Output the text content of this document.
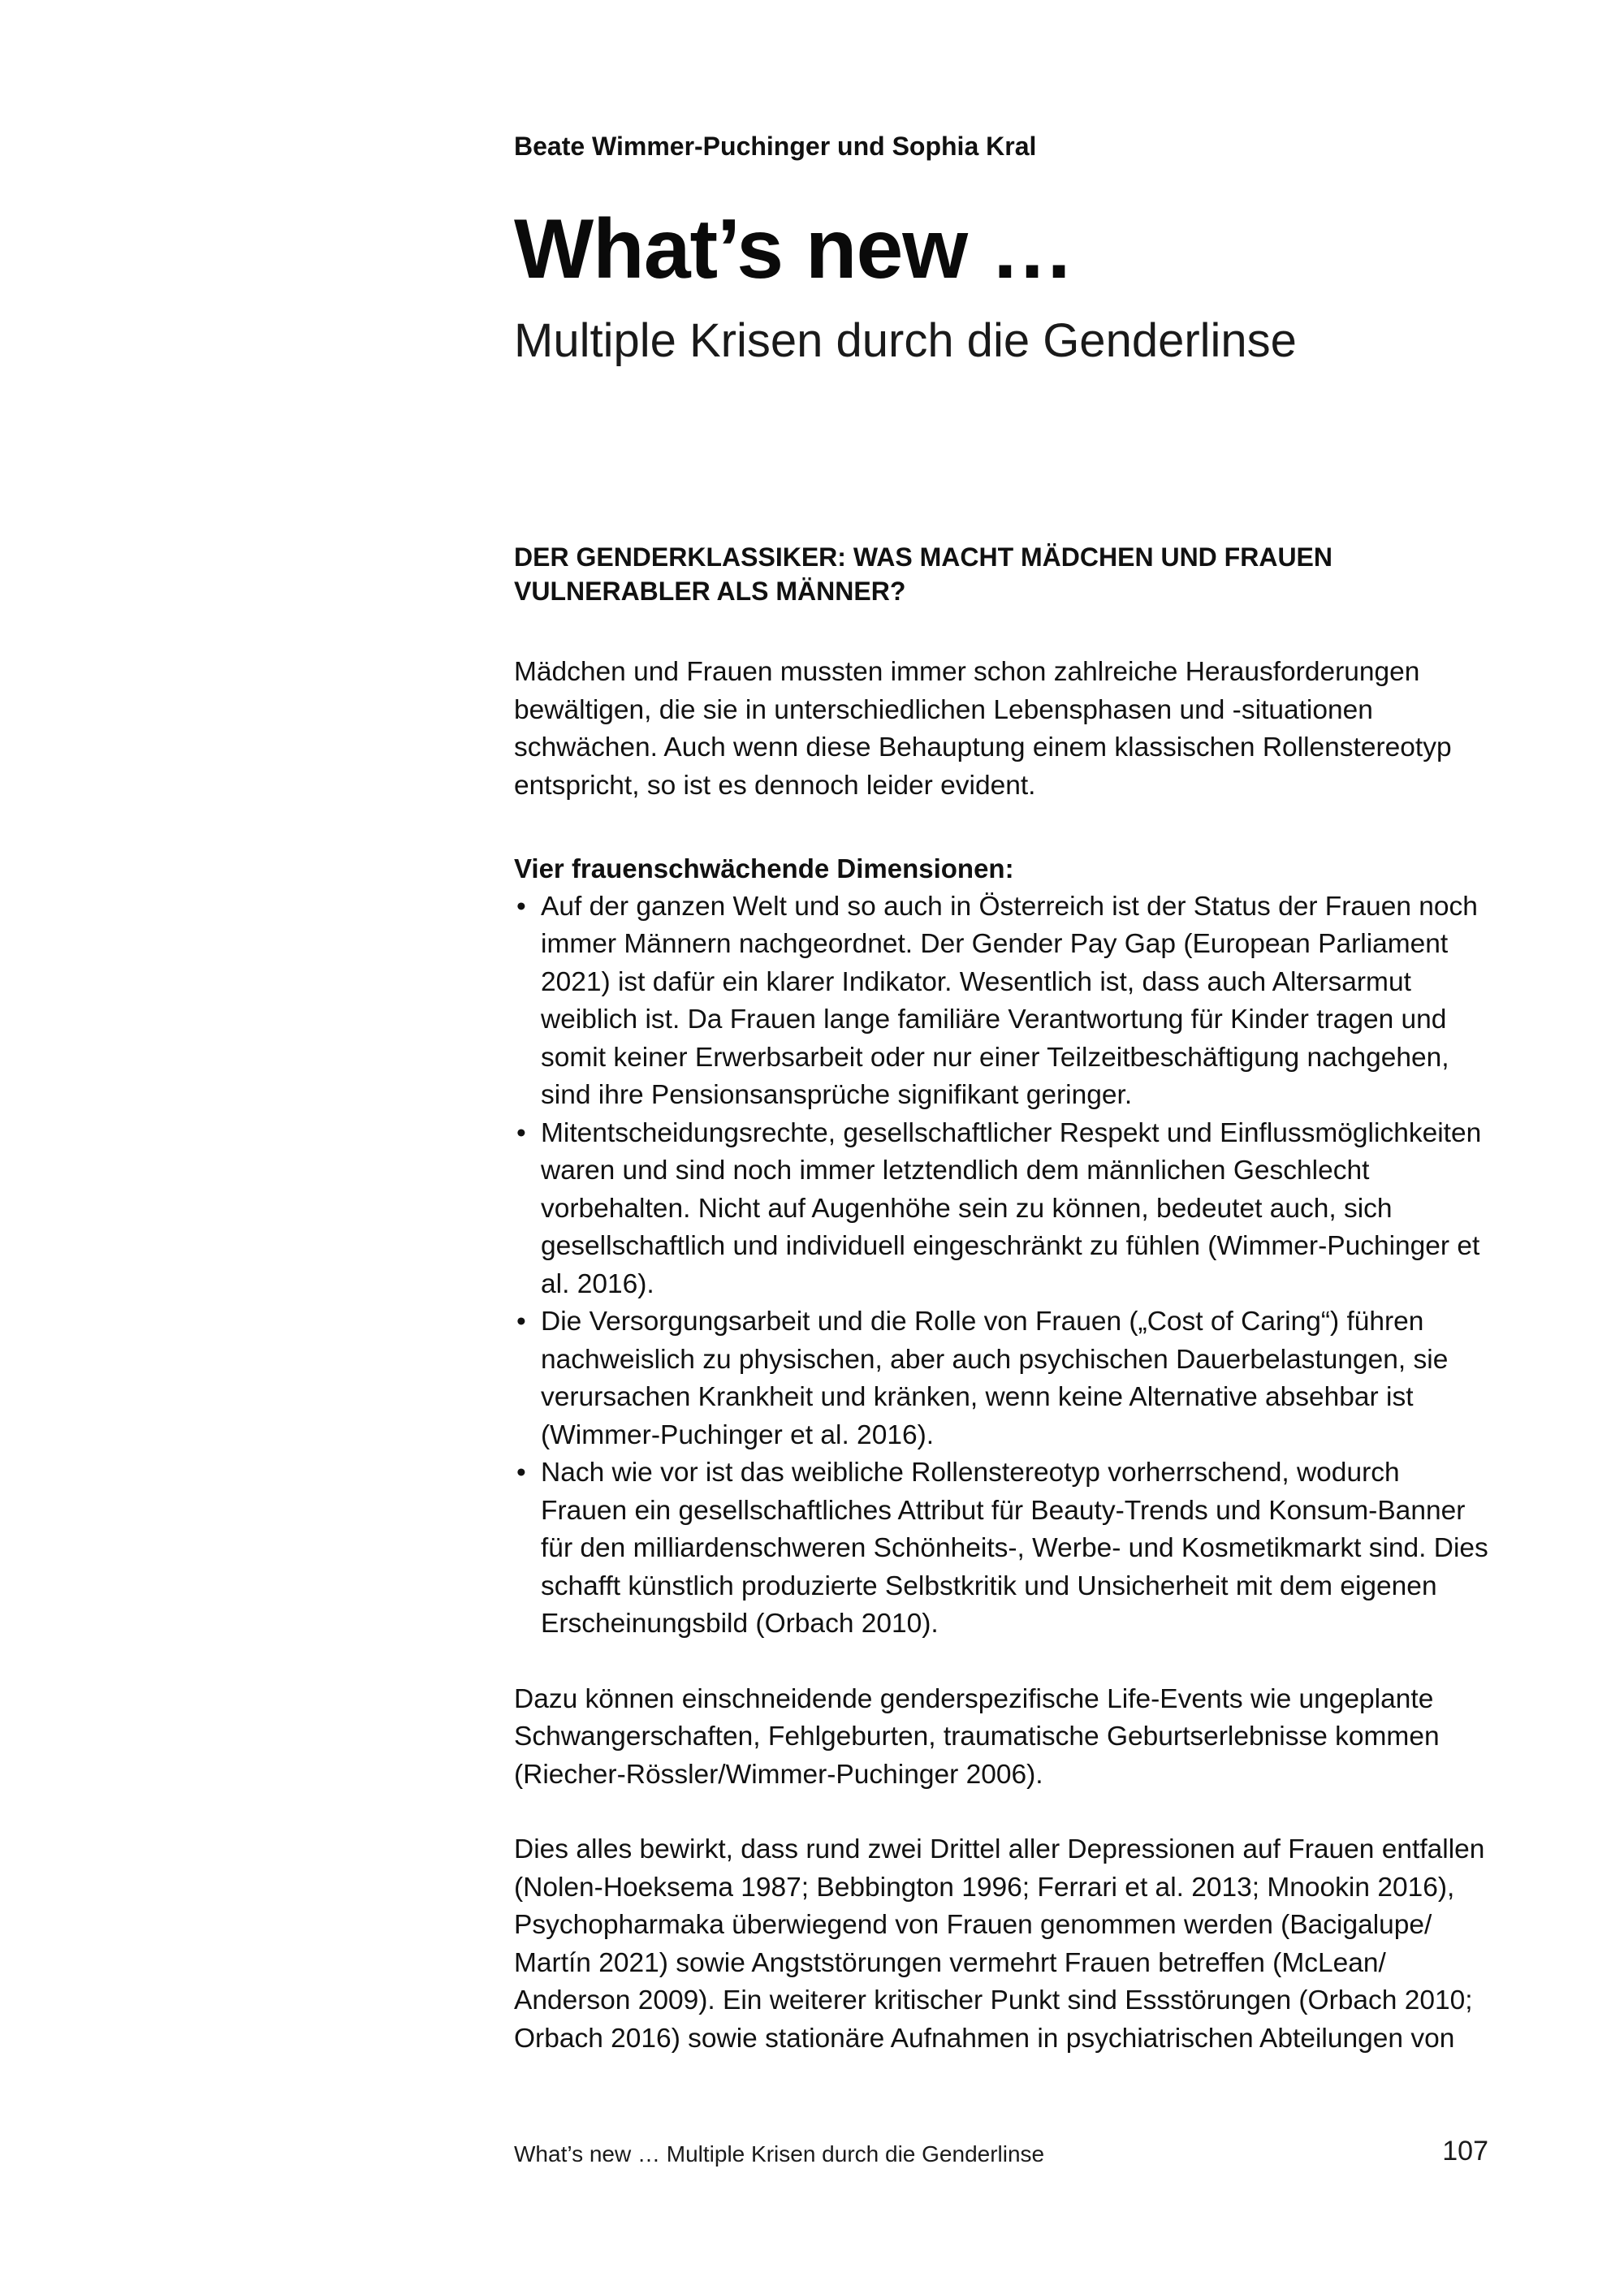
Beate Wimmer-Puchinger und Sophia Kral

What’s new …
Multiple Krisen durch die Genderlinse
DER GENDERKLASSIKER: WAS MACHT MÄDCHEN UND FRAUEN
VULNERABLER ALS MÄNNER?

Mädchen und Frauen mussten immer schon zahlreiche Herausforderungen bewältigen, die sie in unterschiedlichen Lebensphasen und -situationen schwächen. Auch wenn diese Behauptung einem klassischen Rollenstereotyp entspricht, so ist es dennoch leider evident.

Vier frauenschwächende Dimensionen:

• Auf der ganzen Welt und so auch in Österreich ist der Status der Frauen noch immer Männern nachgeordnet. Der Gender Pay Gap (European Parliament 2021) ist dafür ein klarer Indikator. Wesentlich ist, dass auch Altersarmut weiblich ist. Da Frauen lange familiäre Verantwortung für Kinder tragen und somit keiner Erwerbsarbeit oder nur einer Teilzeitbeschäftigung nachgehen, sind ihre Pensionsansprüche signifikant geringer.
• Mitentscheidungsrechte, gesellschaftlicher Respekt und Einflussmöglichkeiten waren und sind noch immer letztendlich dem männlichen Geschlecht vorbehalten. Nicht auf Augenhöhe sein zu können, bedeutet auch, sich gesellschaftlich und individuell eingeschränkt zu fühlen (Wimmer-Puchinger et al. 2016).
• Die Versorgungsarbeit und die Rolle von Frauen („Cost of Caring“) führen nachweislich zu physischen, aber auch psychischen Dauerbelastungen, sie verursachen Krankheit und kränken, wenn keine Alternative absehbar ist (Wimmer-Puchinger et al. 2016).
• Nach wie vor ist das weibliche Rollenstereotyp vorherrschend, wodurch Frauen ein gesellschaftliches Attribut für Beauty-Trends und Konsum-Banner für den milliardenschweren Schönheits-, Werbe- und Kosmetikmarkt sind. Dies schafft künstlich produzierte Selbstkritik und Unsicherheit mit dem eigenen Erscheinungsbild (Orbach 2010).

Dazu können einschneidende genderspezifische Life-Events wie ungeplante Schwangerschaften, Fehlgeburten, traumatische Geburtserlebnisse kommen (Riecher-Rössler/Wimmer-Puchinger 2006).

Dies alles bewirkt, dass rund zwei Drittel aller Depressionen auf Frauen entfallen (Nolen-Hoeksema 1987; Bebbington 1996; Ferrari et al. 2013; Mnookin 2016), Psychopharmaka überwiegend von Frauen genommen werden (Bacigalupe/ Martín 2021) sowie Angststörungen vermehrt Frauen betreffen (McLean/ Anderson 2009). Ein weiterer kritischer Punkt sind Essstörungen (Orbach 2010; Orbach 2016) sowie stationäre Aufnahmen in psychiatrischen Abteilungen von

What’s new … Multiple Krisen durch die Genderlinse	107
